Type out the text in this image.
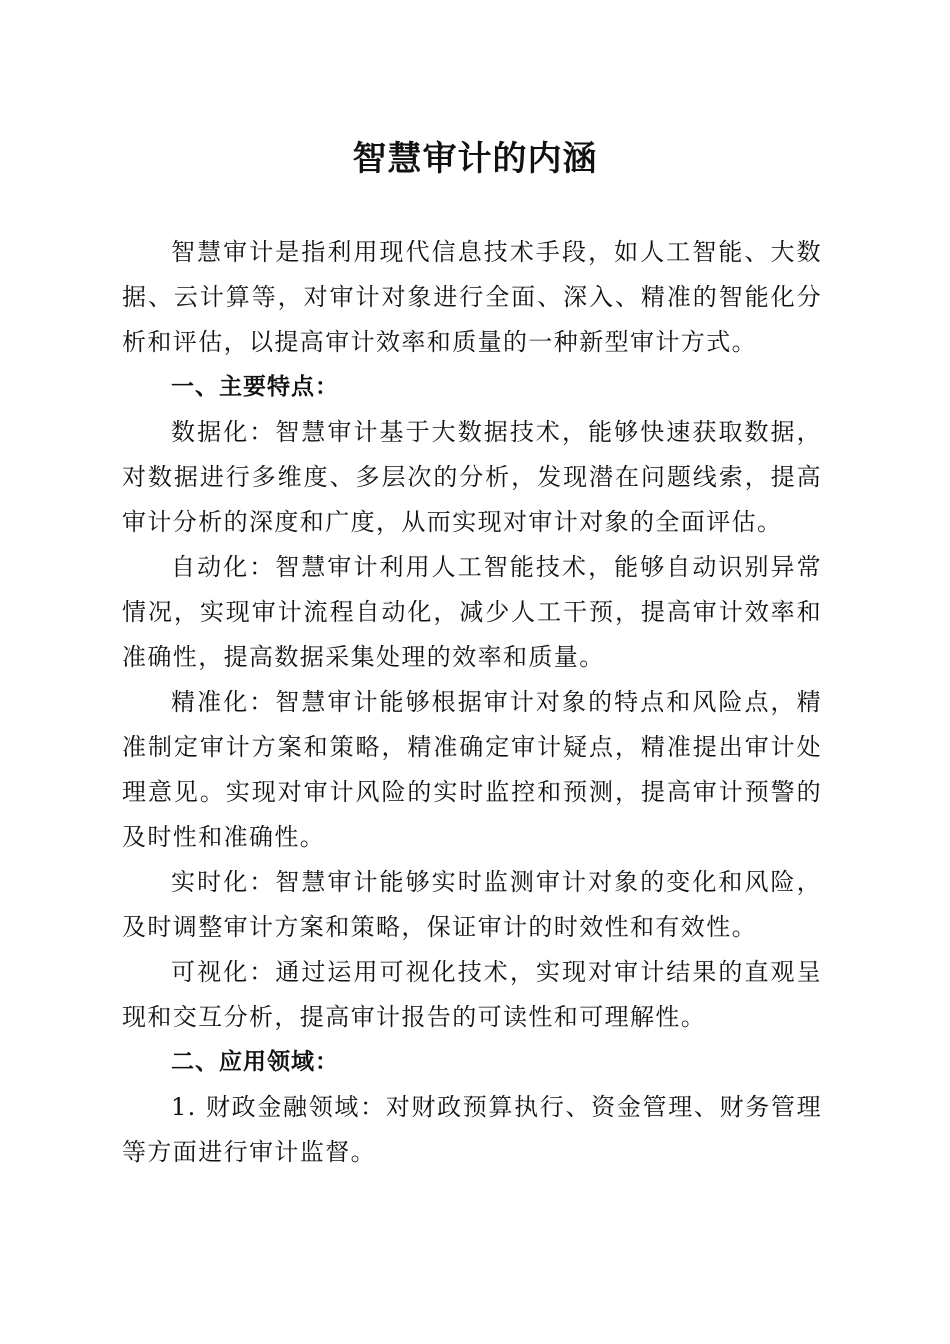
智慧审计的内涵

智慧审计是指利用现代信息技术手段，如人工智能、大数据、云计算等，对审计对象进行全面、深入、精准的智能化分析和评估，以提高审计效率和质量的一种新型审计方式。

一、主要特点：

数据化：智慧审计基于大数据技术，能够快速获取数据，对数据进行多维度、多层次的分析，发现潜在问题线索，提高审计分析的深度和广度，从而实现对审计对象的全面评估。

自动化：智慧审计利用人工智能技术，能够自动识别异常情况，实现审计流程自动化，减少人工干预，提高审计效率和准确性，提高数据采集处理的效率和质量。

精准化：智慧审计能够根据审计对象的特点和风险点，精准制定审计方案和策略，精准确定审计疑点，精准提出审计处理意见。实现对审计风险的实时监控和预测，提高审计预警的及时性和准确性。

实时化：智慧审计能够实时监测审计对象的变化和风险，及时调整审计方案和策略，保证审计的时效性和有效性。

可视化：通过运用可视化技术，实现对审计结果的直观呈现和交互分析，提高审计报告的可读性和可理解性。

二、应用领域：

1. 财政金融领域：对财政预算执行、资金管理、财务管理等方面进行审计监督。
